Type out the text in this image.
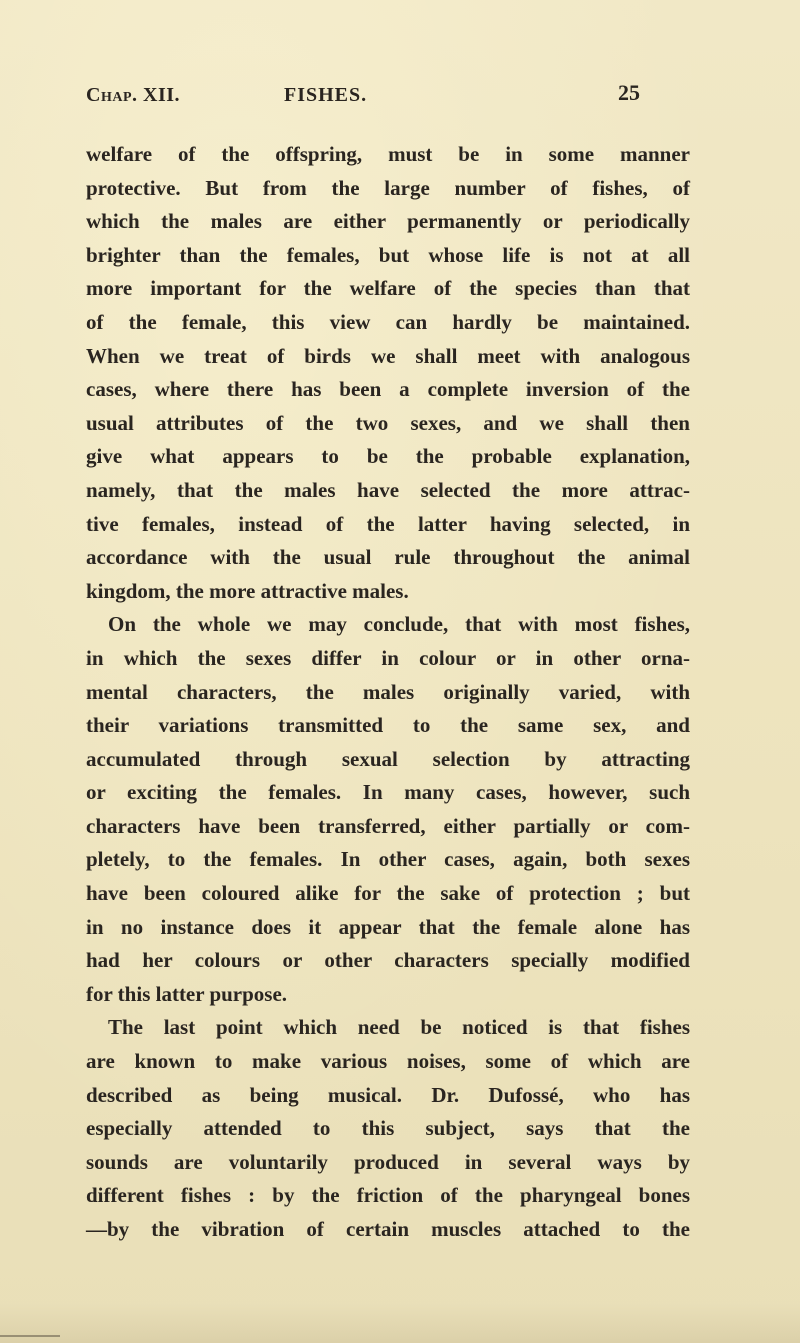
Chap. XII.	FISHES.	25
welfare of the offspring, must be in some manner
protective. But from the large number of fishes, of
which the males are either permanently or periodically
brighter than the females, but whose life is not at all
more important for the welfare of the species than that
of the female, this view can hardly be maintained.
When we treat of birds we shall meet with analogous
cases, where there has been a complete inversion of the
usual attributes of the two sexes, and we shall then
give what appears to be the probable explanation,
namely, that the males have selected the more attrac-
tive females, instead of the latter having selected, in
accordance with the usual rule throughout the animal
kingdom, the more attractive males.
On the whole we may conclude, that with most fishes,
in which the sexes differ in colour or in other orna-
mental characters, the males originally varied, with
their variations transmitted to the same sex, and
accumulated through sexual selection by attracting
or exciting the females. In many cases, however, such
characters have been transferred, either partially or com-
pletely, to the females. In other cases, again, both sexes
have been coloured alike for the sake of protection ; but
in no instance does it appear that the female alone has
had her colours or other characters specially modified
for this latter purpose.
The last point which need be noticed is that fishes
are known to make various noises, some of which are
described as being musical. Dr. Dufossé, who has
especially attended to this subject, says that the
sounds are voluntarily produced in several ways by
different fishes : by the friction of the pharyngeal bones
—by the vibration of certain muscles attached to the
